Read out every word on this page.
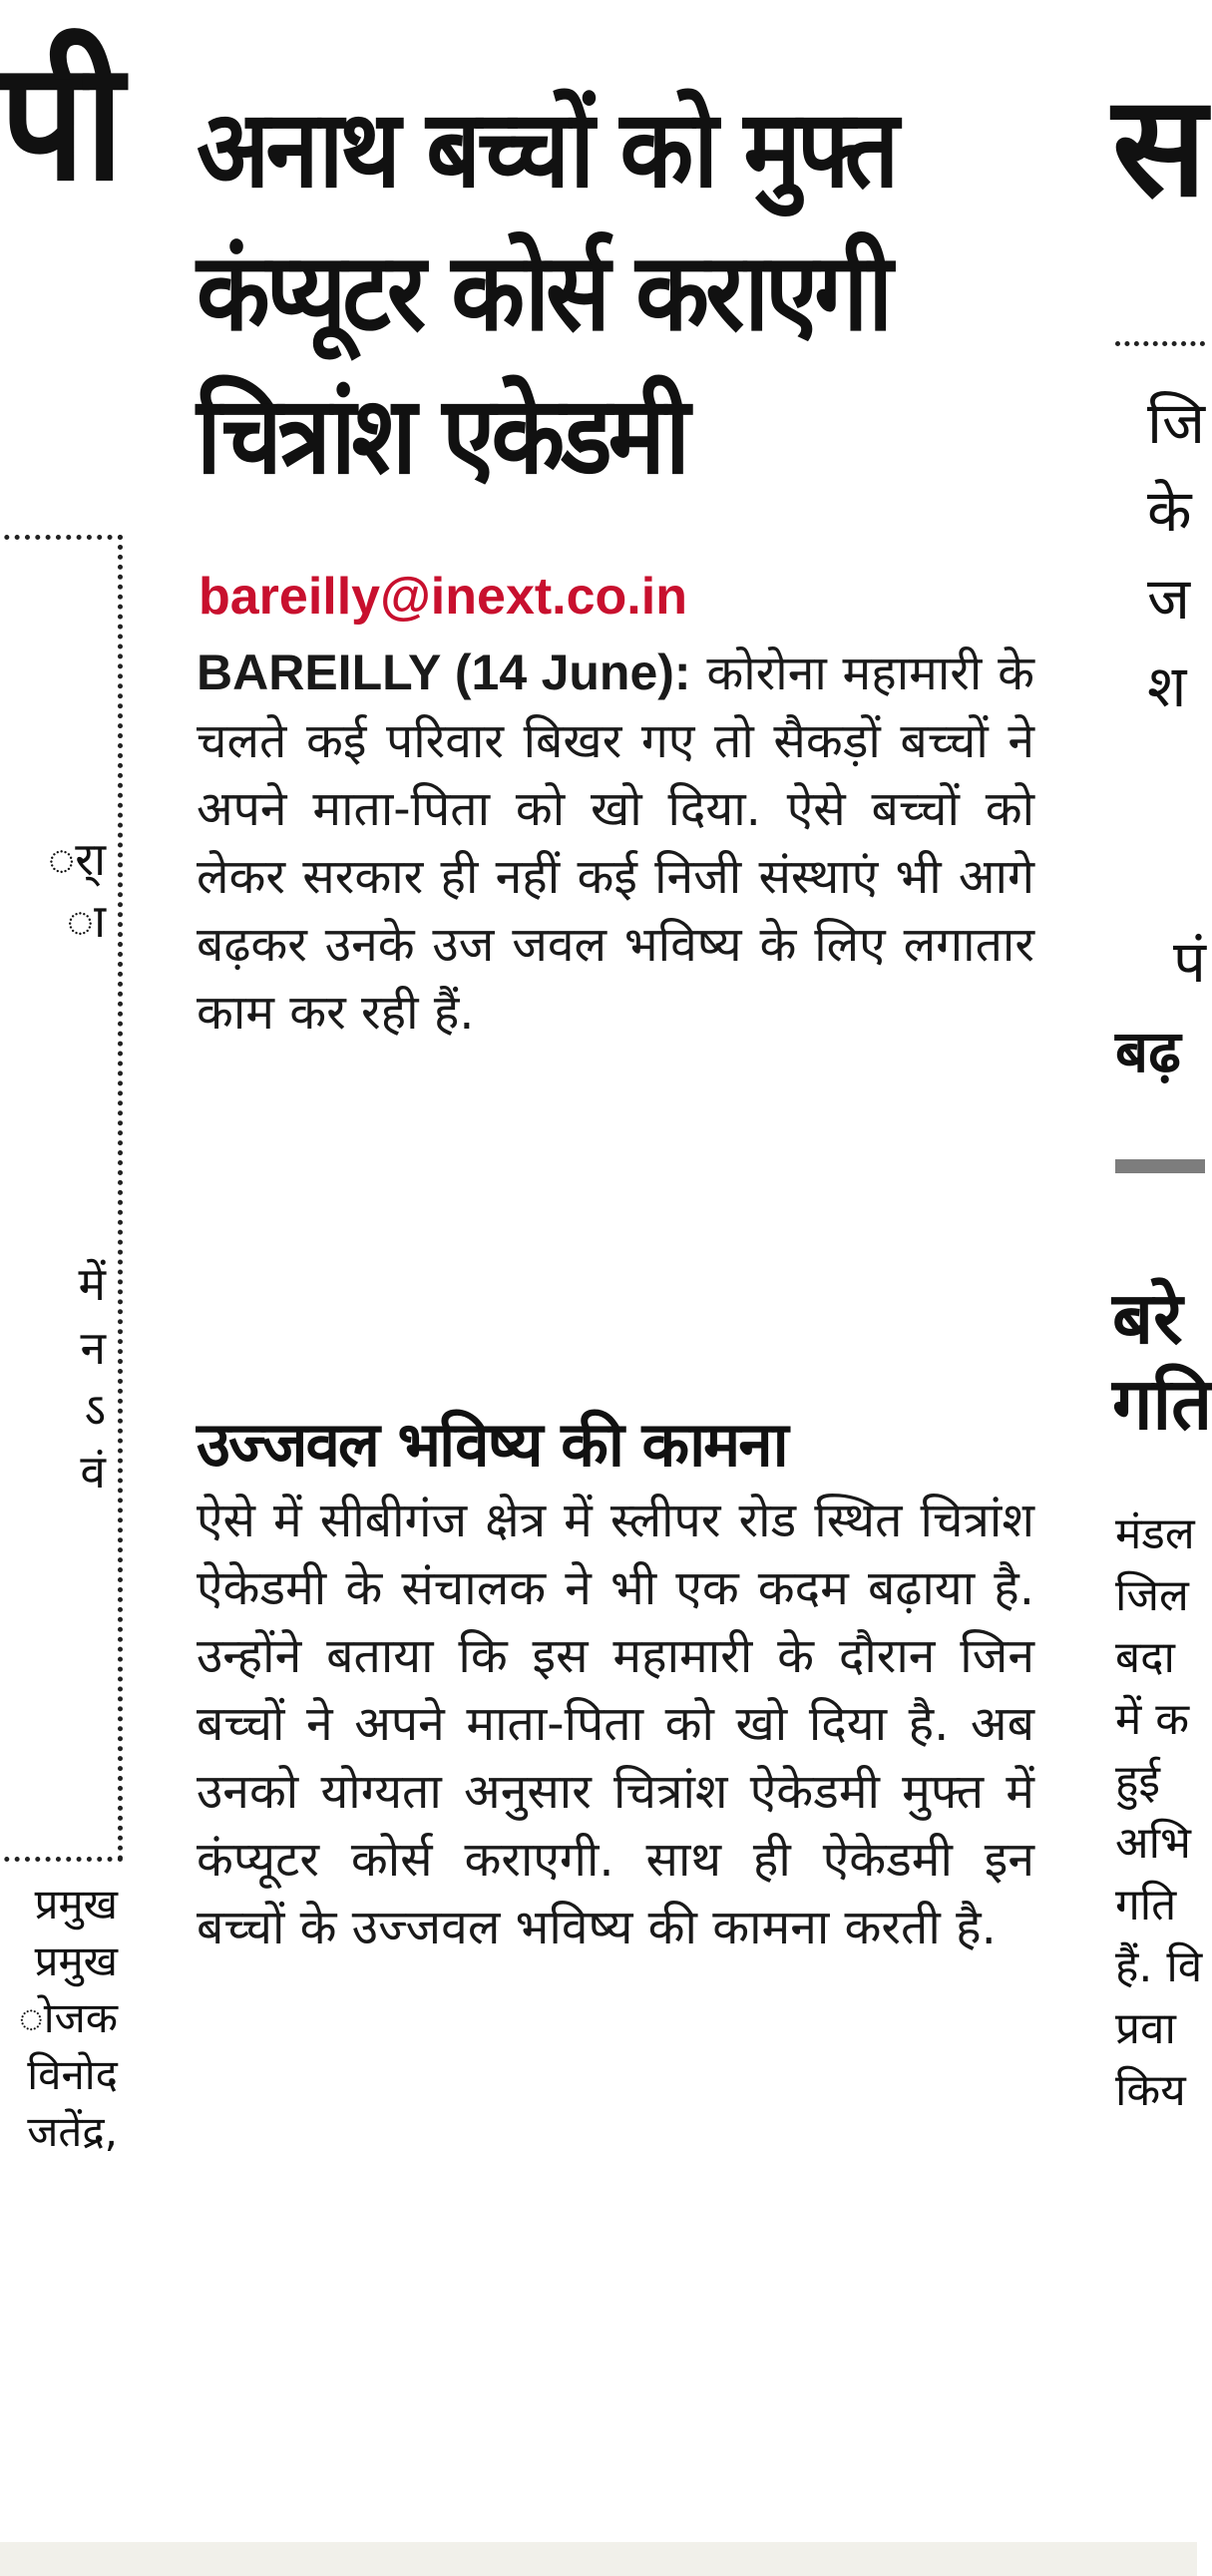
पी
र्ा
ा
में
न
ऽ
वं
प्रमुख
प्रमुख
ोजक
विनोद
जतेंद्र,
अनाथ बच्चों को मुफ्त
कंप्यूटर कोर्स कराएगी
चित्रांश एकेडमी
bareilly@inext.co.in
BAREILLY (14 June): कोरोना महामारी के चलते कई परिवार बिखर गए तो सैकड़ों बच्चों ने अपने माता-पिता को खो दिया. ऐसे बच्चों को लेकर सरकार ही नहीं कई निजी संस्थाएं भी आगे बढ़कर उनके उज जवल भविष्य के लिए लगातार काम कर रही हैं.
उज्जवल भविष्य की कामना
ऐसे में सीबीगंज क्षेत्र में स्लीपर रोड स्थित चित्रांश ऐकेडमी के संचालक ने भी एक कदम बढ़ाया है. उन्होंने बताया कि इस महामारी के दौरान जिन बच्चों ने अपने माता-पिता को खो दिया है. अब उनको योग्यता अनुसार चित्रांश ऐकेडमी मुफ्त में कंप्यूटर कोर्स कराएगी. साथ ही ऐकेडमी इन बच्चों के उज्जवल भविष्य की कामना करती है.
स
जि
के
ज
श
पं
बढ़
बरे
गति
मंडल
जिल
बदा
में क
हुई
अभि
गति
हैं. वि
प्रवा
किय
